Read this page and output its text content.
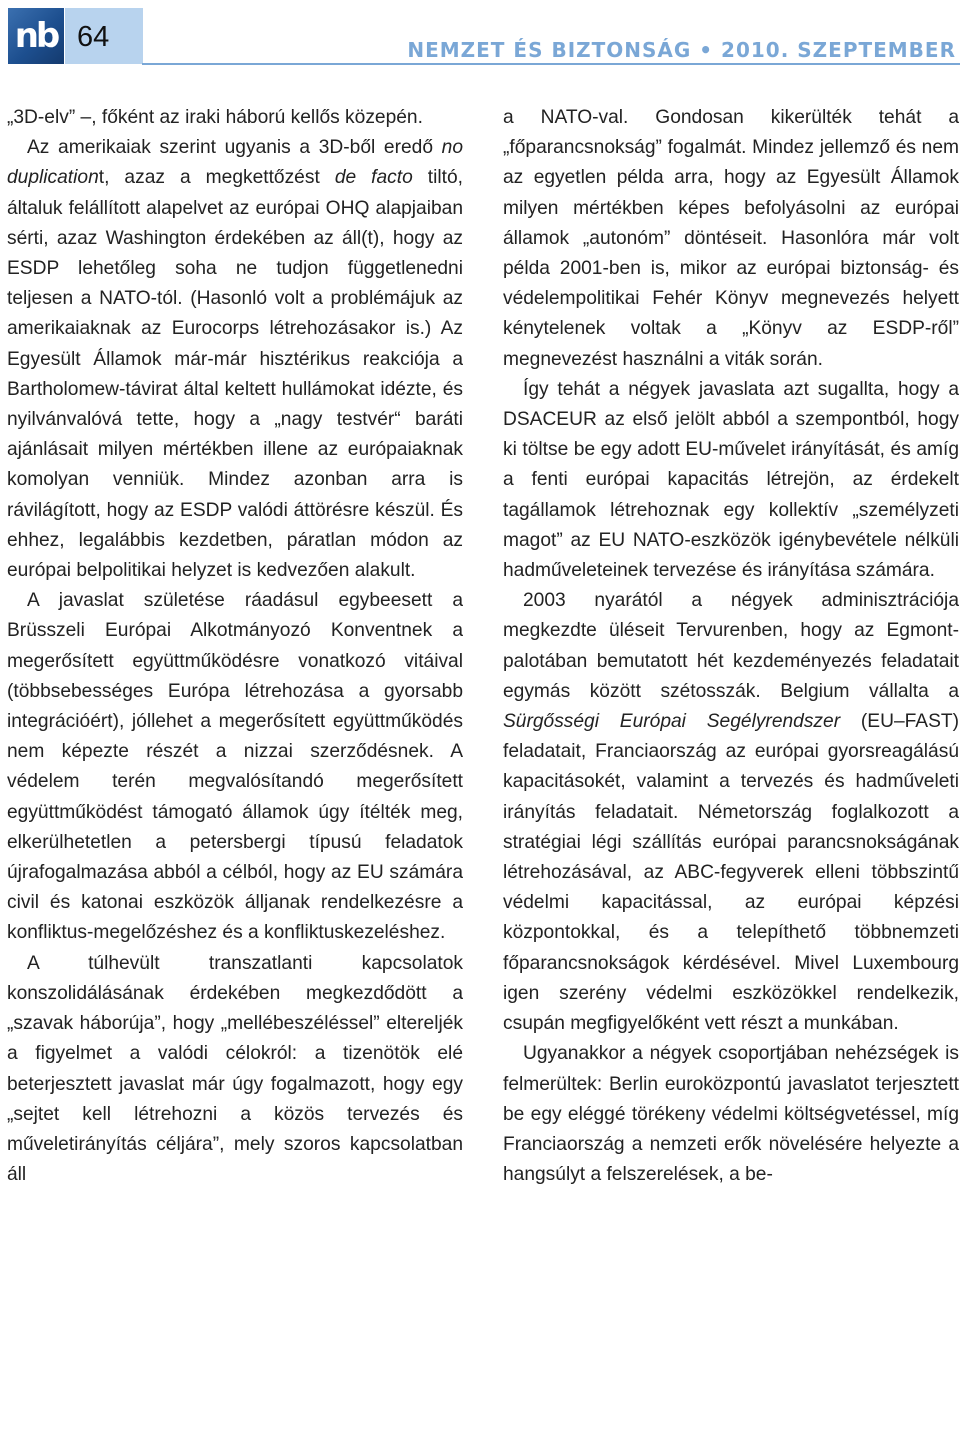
nb 64	NEMZET ÉS BIZTONSÁG • 2010. SZEPTEMBER

„3D-elv” –, főként az iraki háború kellős közepén.

Az amerikaiak szerint ugyanis a 3D-ből eredő no duplicationt, azaz a megkettőzést de facto tiltó, általuk felállított alapelvet az európai OHQ alapjaiban sérti, azaz Washington érdekében az áll(t), hogy az ESDP lehetőleg soha ne tudjon függetlenedni teljesen a NATO-tól. (Hasonló volt a problémájuk az amerikaiaknak az Eurocorps létrehozásakor is.) Az Egyesült Államok már-már hisztérikus reakciója a Bartholomew-távirat által keltett hullámokat idézte, és nyilvánvalóvá tette, hogy a „nagy testvér“ baráti ajánlásait milyen mértékben illene az európaiaknak komolyan venniük. Mindez azonban arra is rávilágított, hogy az ESDP valódi áttörésre készül. És ehhez, legalábbis kezdetben, páratlan módon az európai belpolitikai helyzet is kedvezően alakult.

A javaslat születése ráadásul egybeesett a Brüsszeli Európai Alkotmányozó Konventnek a megerősített együttműködésre vonatkozó vitáival (többsebességes Európa létrehozása a gyorsabb integrációért), jóllehet a megerősített együttműködés nem képezte részét a nizzai szerződésnek. A védelem terén megvalósítandó megerősített együttműködést támogató államok úgy ítélték meg, elkerülhetetlen a petersbergi típusú feladatok újrafogalmazása abból a célból, hogy az EU számára civil és katonai eszközök álljanak rendelkezésre a konfliktus-megelőzéshez és a konfliktuskezeléshez.

A túlhevült transzatlanti kapcsolatok konszolidálásának érdekében megkezdődött a „szavak háborúja”, hogy „mellébeszéléssel” eltereljék a figyelmet a valódi célokról: a tizenötök elé beterjesztett javaslat már úgy fogalmazott, hogy egy „sejtet kell létrehozni a közös tervezés és műveletirányítás céljára”, mely szoros kapcsolatban áll

a NATO-val. Gondosan kikerülték tehát a „főparancsnokság” fogalmát. Mindez jellemző és nem az egyetlen példa arra, hogy az Egyesült Államok milyen mértékben képes befolyásolni az európai államok „autonóm” döntéseit. Hasonlóra már volt példa 2001-ben is, mikor az európai biztonság- és védelempolitikai Fehér Könyv megnevezés helyett kénytelenek voltak a „Könyv az ESDP-ről” megnevezést használni a viták során.

Így tehát a négyek javaslata azt sugallta, hogy a DSACEUR az első jelölt abból a szempontból, hogy ki töltse be egy adott EU-művelet irányítását, és amíg a fenti európai kapacitás létrejön, az érdekelt tagállamok létrehoznak egy kollektív „személyzeti magot” az EU NATO-eszközök igénybevétele nélküli hadműveleteinek tervezése és irányítása számára.

2003 nyarától a négyek adminisztrációja megkezdte üléseit Tervurenben, hogy az Egmont-palotában bemutatott hét kezdeményezés feladatait egymás között szétosszák. Belgium vállalta a Sürgősségi Európai Segélyrendszer (EU–FAST) feladatait, Franciaország az európai gyorsreagálású kapacitásokét, valamint a tervezés és hadműveleti irányítás feladatait. Németország foglalkozott a stratégiai légi szállítás európai parancsnokságának létrehozásával, az ABC-fegyverek elleni többszintű védelmi kapacitással, az európai képzési központokkal, és a telepíthető többnemzeti főparancsnokságok kérdésével. Mivel Luxembourg igen szerény védelmi eszközökkel rendelkezik, csupán megfigyelőként vett részt a munkában.

Ugyanakkor a négyek csoportjában nehézségek is felmerültek: Berlin euroközpontú javaslatot terjesztett be egy eléggé törékeny védelmi költségvetéssel, míg Franciaország a nemzeti erők növelésére helyezte a hangsúlyt a felszerelések, a be-
